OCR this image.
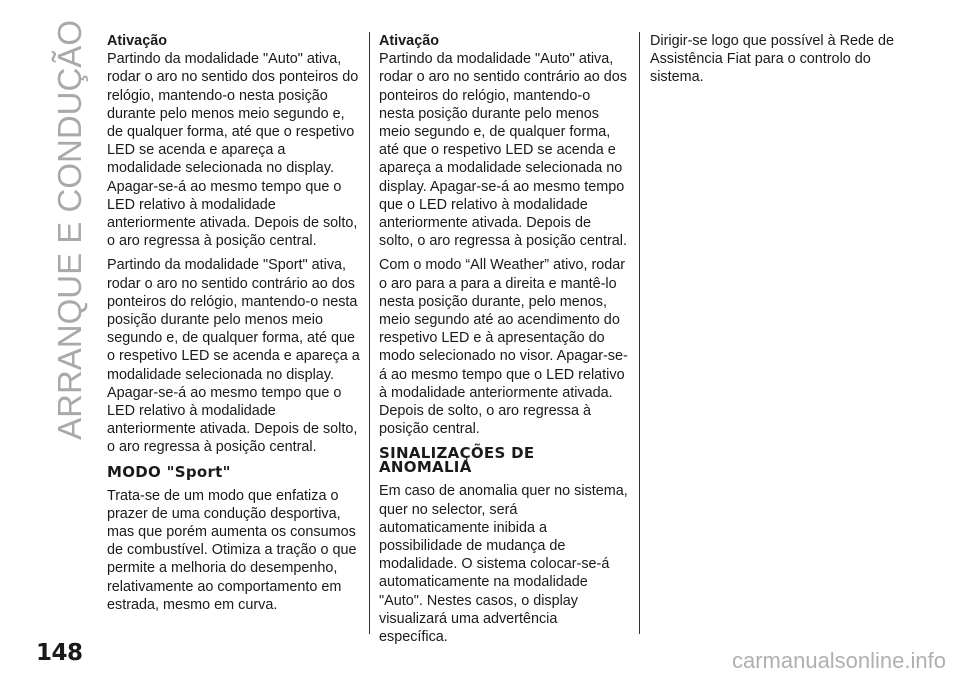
ARRANQUE E CONDUÇÃO Ativação

Partindo da modalidade "Auto" ativa, rodar o aro no sentido dos ponteiros do relógio, mantendo-o nesta posição durante pelo menos meio segundo e, de qualquer forma, até que o respetivo LED se acenda e apareça a modalidade selecionada no display. Apagar-se-á ao mesmo tempo que o LED relativo à modalidade anteriormente ativada. Depois de solto, o aro regressa à posição central.

Partindo da modalidade "Sport" ativa, rodar o aro no sentido contrário ao dos ponteiros do relógio, mantendo-o nesta posição durante pelo menos meio segundo e, de qualquer forma, até que o respetivo LED se acenda e apareça a modalidade selecionada no display. Apagar-se-á ao mesmo tempo que o LED relativo à modalidade anteriormente ativada. Depois de solto, o aro regressa à posição central.

MODO "Sport"

Trata-se de um modo que enfatiza o prazer de uma condução desportiva, mas que porém aumenta os consumos de combustível. Otimiza a tração o que permite a melhoria do desempenho, relativamente ao comportamento em estrada, mesmo em curva.

Ativação

Partindo da modalidade "Auto" ativa, rodar o aro no sentido contrário ao dos ponteiros do relógio, mantendo-o nesta posição durante pelo menos meio segundo e, de qualquer forma, até que o respetivo LED se acenda e apareça a modalidade selecionada no display. Apagar-se-á ao mesmo tempo que o LED relativo à modalidade anteriormente ativada. Depois de solto, o aro regressa à posição central.

Com o modo “All Weather” ativo, rodar o aro para a para a direita e mantê-lo nesta posição durante, pelo menos, meio segundo até ao acendimento do respetivo LED e à apresentação do modo selecionado no visor. Apagar-se-á ao mesmo tempo que o LED relativo à modalidade anteriormente ativada. Depois de solto, o aro regressa à posição central.

SINALIZAÇÕES DE ANOMALIA

Em caso de anomalia quer no sistema, quer no selector, será automaticamente inibida a possibilidade de mudança de modalidade. O sistema colocar-se-á automaticamente na modalidade "Auto". Nestes casos, o display visualizará uma advertência específica.

Dirigir-se logo que possível à Rede de Assistência Fiat para o controlo do sistema.

148	carmanualsonline.info
